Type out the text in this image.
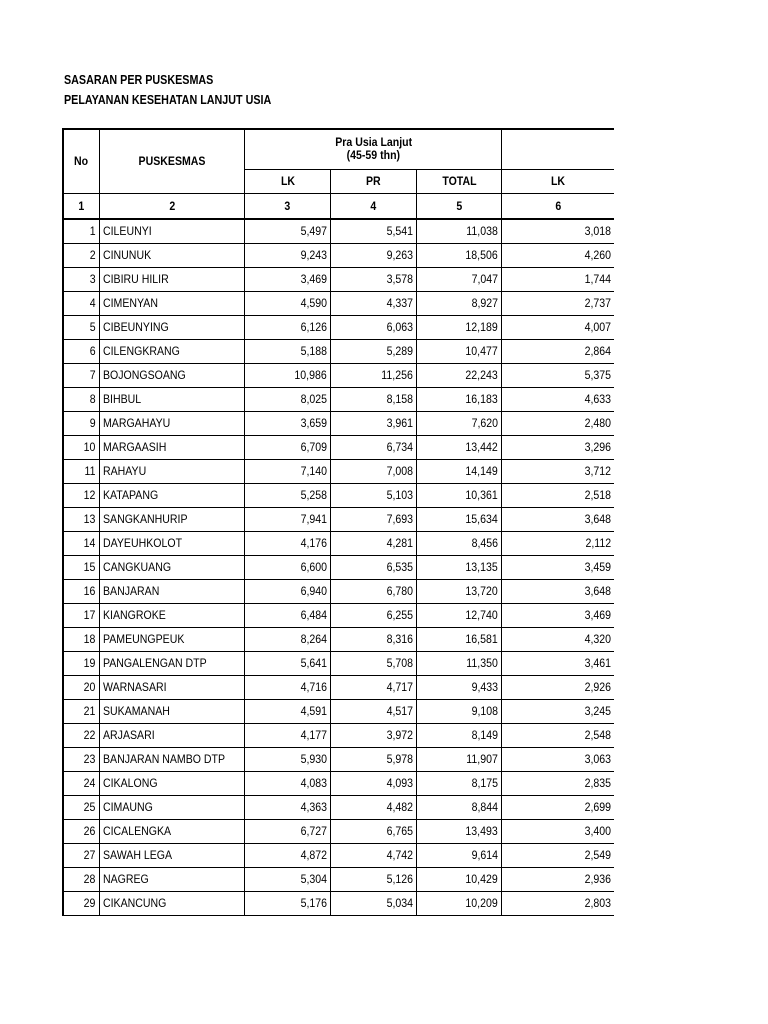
SASARAN PER PUSKESMAS
PELAYANAN KESEHATAN LANJUT USIA
No	PUSKESMAS	Pra Usia Lanjut
(45-59 thn)			
		LK	PR	TOTAL	LK
1	2	3	4	5	6
1	CILEUNYI	5,497	5,541	11,038	3,018
2	CINUNUK	9,243	9,263	18,506	4,260
3	CIBIRU HILIR	3,469	3,578	7,047	1,744
4	CIMENYAN	4,590	4,337	8,927	2,737
5	CIBEUNYING	6,126	6,063	12,189	4,007
6	CILENGKRANG	5,188	5,289	10,477	2,864
7	BOJONGSOANG	10,986	11,256	22,243	5,375
8	BIHBUL	8,025	8,158	16,183	4,633
9	MARGAHAYU	3,659	3,961	7,620	2,480
10	MARGAASIH	6,709	6,734	13,442	3,296
11	RAHAYU	7,140	7,008	14,149	3,712
12	KATAPANG	5,258	5,103	10,361	2,518
13	SANGKANHURIP	7,941	7,693	15,634	3,648
14	DAYEUHKOLOT	4,176	4,281	8,456	2,112
15	CANGKUANG	6,600	6,535	13,135	3,459
16	BANJARAN	6,940	6,780	13,720	3,648
17	KIANGROKE	6,484	6,255	12,740	3,469
18	PAMEUNGPEUK	8,264	8,316	16,581	4,320
19	PANGALENGAN DTP	5,641	5,708	11,350	3,461
20	WARNASARI	4,716	4,717	9,433	2,926
21	SUKAMANAH	4,591	4,517	9,108	3,245
22	ARJASARI	4,177	3,972	8,149	2,548
23	BANJARAN NAMBO DTP	5,930	5,978	11,907	3,063
24	CIKALONG	4,083	4,093	8,175	2,835
25	CIMAUNG	4,363	4,482	8,844	2,699
26	CICALENGKA	6,727	6,765	13,493	3,400
27	SAWAH LEGA	4,872	4,742	9,614	2,549
28	NAGREG	5,304	5,126	10,429	2,936
29	CIKANCUNG	5,176	5,034	10,209	2,803
